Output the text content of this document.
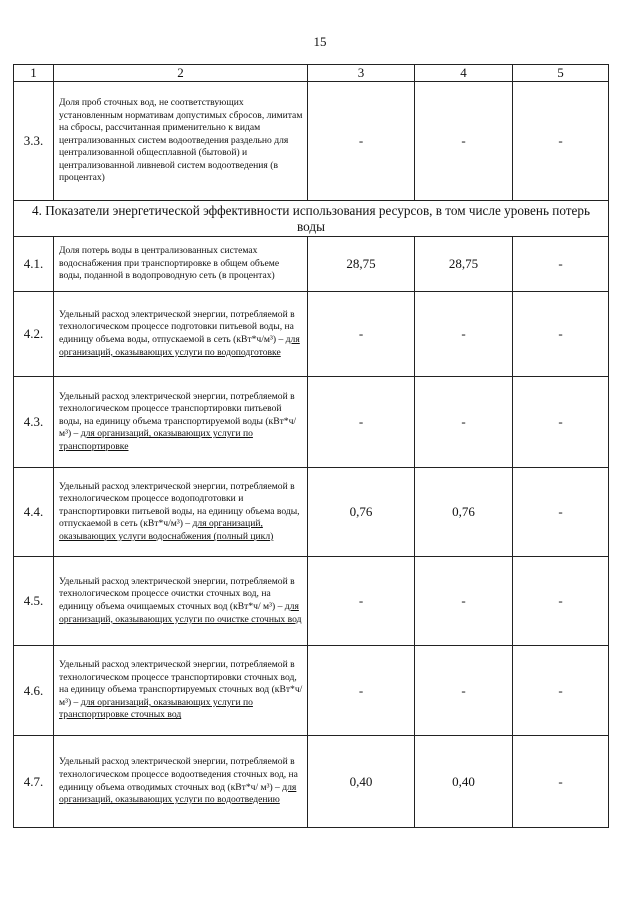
15
1	2	3	4	5
3.3.	Доля проб сточных вод, не соответствующих установленным нормативам допустимых сбросов, лимитам на сбросы, рассчитанная применительно к видам централизованных систем водоотведения раздельно для централизованной общесплавной (бытовой) и централизованной ливневой систем водоотведения (в процентах)	-	-	-
4. Показатели энергетической эффективности использования ресурсов, в том числе уровень потерь воды				
4.1.	Доля потерь воды в централизованных системах водоснабжения при транспортировке в общем объеме воды, поданной в водопроводную сеть (в процентах)	28,75	28,75	-
4.2.	Удельный расход электрической энергии, потребляемой в технологическом процессе подготовки питьевой воды, на единицу объема воды, отпускаемой в сеть (кВт*ч/м³) – для организаций, оказывающих услуги по водоподготовке	-	-	-
4.3.	Удельный расход электрической энергии, потребляемой в технологическом процессе транспортировки питьевой воды, на единицу объема транспортируемой воды (кВт*ч/м³) – для организаций, оказывающих услуги по транспортировке	-	-	-
4.4.	Удельный расход электрической энергии, потребляемой в технологическом процессе водоподготовки и транспортировки питьевой воды, на единицу объема воды, отпускаемой в сеть (кВт*ч/м³) – для организаций, оказывающих услуги водоснабжения (полный цикл)	0,76	0,76	-
4.5.	Удельный расход электрической энергии, потребляемой в технологическом процессе очистки сточных вод, на единицу объема очищаемых сточных вод (кВт*ч/ м³) – для организаций, оказывающих услуги по очистке сточных вод	-	-	-
4.6.	Удельный расход электрической энергии, потребляемой в технологическом процессе транспортировки сточных вод, на единицу объема транспортируемых сточных вод (кВт*ч/ м³) – для организаций, оказывающих услуги по транспортировке сточных вод	-	-	-
4.7.	Удельный расход электрической энергии, потребляемой в технологическом процессе водоотведения сточных вод, на единицу объема отводимых сточных вод (кВт*ч/ м³) – для организаций, оказывающих услуги по водоотведению	0,40	0,40	-
